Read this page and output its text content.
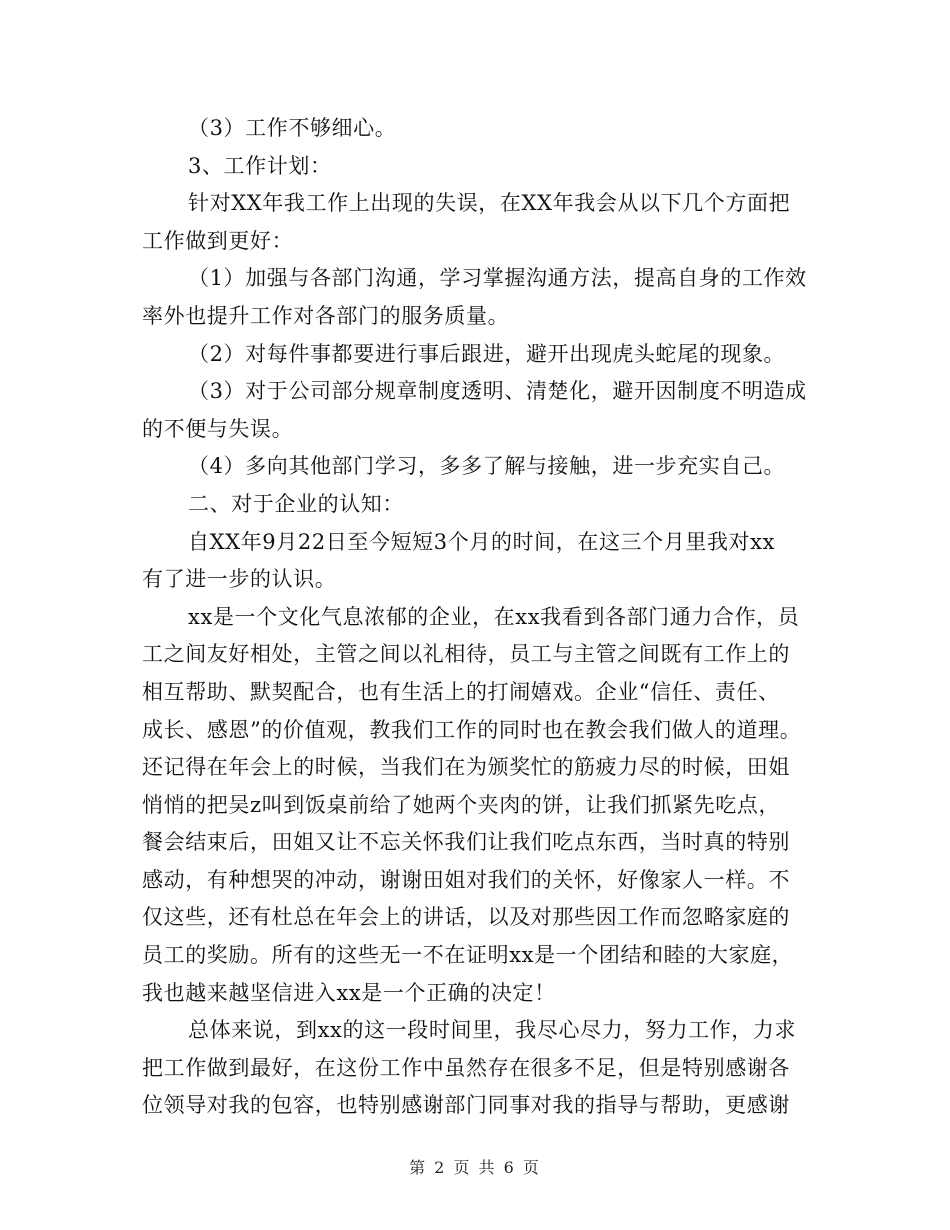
（3）工作不够细心。
3、工作计划：
针对XX年我工作上出现的失误，在XX年我会从以下几个方面把
工作做到更好：
（1）加强与各部门沟通，学习掌握沟通方法，提高自身的工作效
率外也提升工作对各部门的服务质量。
（2）对每件事都要进行事后跟进，避开出现虎头蛇尾的现象。
（3）对于公司部分规章制度透明、清楚化，避开因制度不明造成
的不便与失误。
（4）多向其他部门学习，多多了解与接触，进一步充实自己。
二、对于企业的认知：
自XX年9月22日至今短短3个月的时间，在这三个月里我对xx
有了进一步的认识。
xx是一个文化气息浓郁的企业，在xx我看到各部门通力合作，员
工之间友好相处，主管之间以礼相待，员工与主管之间既有工作上的
相互帮助、默契配合，也有生活上的打闹嬉戏。企业“信任、责任、
成长、感恩”的价值观，教我们工作的同时也在教会我们做人的道理。
还记得在年会上的时候，当我们在为颁奖忙的筋疲力尽的时候，田姐
悄悄的把吴z叫到饭桌前给了她两个夹肉的饼，让我们抓紧先吃点，
餐会结束后，田姐又让不忘关怀我们让我们吃点东西，当时真的特别
感动，有种想哭的冲动，谢谢田姐对我们的关怀，好像家人一样。不
仅这些，还有杜总在年会上的讲话，以及对那些因工作而忽略家庭的
员工的奖励。所有的这些无一不在证明xx是一个团结和睦的大家庭，
我也越来越坚信进入xx是一个正确的决定！
总体来说，到xx的这一段时间里，我尽心尽力，努力工作，力求
把工作做到最好，在这份工作中虽然存在很多不足，但是特别感谢各
位领导对我的包容，也特别感谢部门同事对我的指导与帮助，更感谢
第 2 页 共 6 页
